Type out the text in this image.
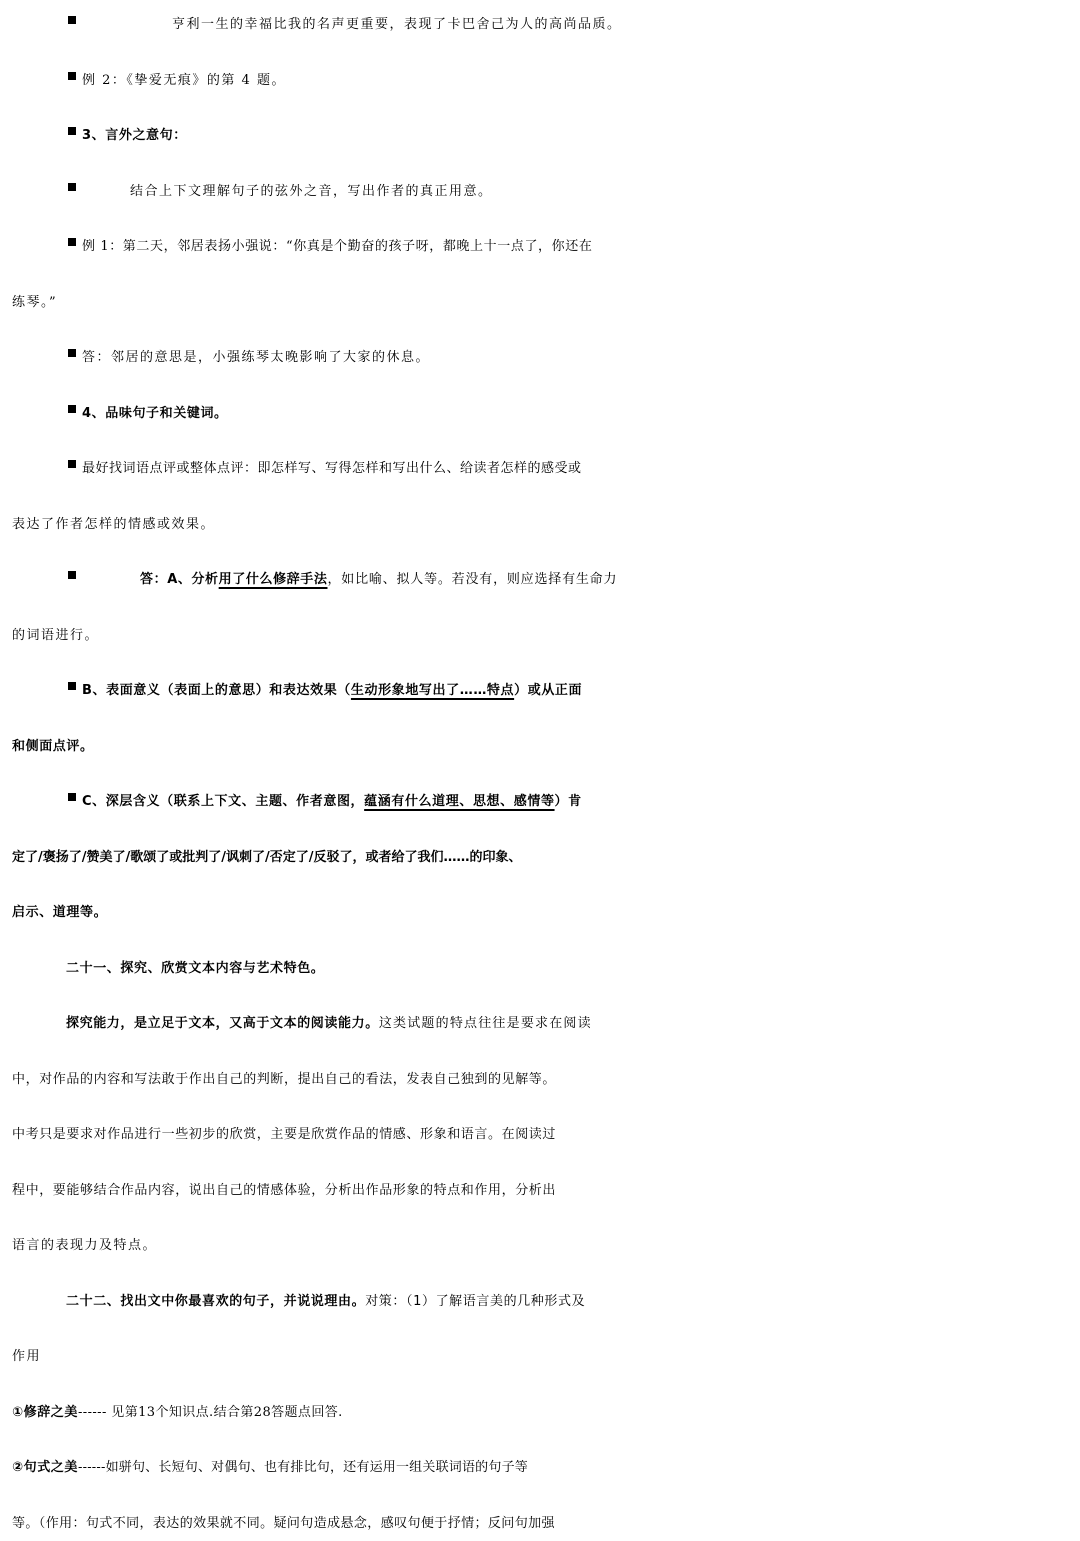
亨利一生的幸福比我的名声更重要，表现了卡巴舍己为人的高尚品质。
例 2：《挚爱无痕》的第 4 题。
3、言外之意句：
结合上下文理解句子的弦外之音，写出作者的真正用意。
例 1：第二天，邻居表扬小强说：“你真是个勤奋的孩子呀，都晚上十一点了，你还在
练琴。”
答：邻居的意思是，小强练琴太晚影响了大家的休息。
4、品味句子和关键词。
最好找词语点评或整体点评：即怎样写、写得怎样和写出什么、给读者怎样的感受或
表达了作者怎样的情感或效果。
答：A、分析用了什么修辞手法，如比喻、拟人等。若没有，则应选择有生命力
的词语进行。
B、表面意义（表面上的意思）和表达效果（生动形象地写出了……特点）或从正面
和侧面点评。
C、深层含义（联系上下文、主题、作者意图，蕴涵有什么道理、思想、感情等）肯
定了/褒扬了/赞美了/歌颂了或批判了/讽刺了/否定了/反驳了，或者给了我们……的印象、
启示、道理等。
二十一、探究、欣赏文本内容与艺术特色。
探究能力，是立足于文本，又高于文本的阅读能力。这类试题的特点往往是要求在阅读
中，对作品的内容和写法敢于作出自己的判断，提出自己的看法，发表自己独到的见解等。
中考只是要求对作品进行一些初步的欣赏，主要是欣赏作品的情感、形象和语言。在阅读过
程中，要能够结合作品内容，说出自己的情感体验，分析出作品形象的特点和作用，分析出
语言的表现力及特点。
二十二、找出文中你最喜欢的句子，并说说理由。对策：（1）了解语言美的几种形式及
作用
①修辞之美------ 见第13个知识点.结合第28答题点回答.
②句式之美------如骈句、长短句、对偶句、也有排比句，还有运用一组关联词语的句子等
等。（作用：句式不同，表达的效果就不同。疑问句造成悬念，感叹句便于抒情；反问句加强
